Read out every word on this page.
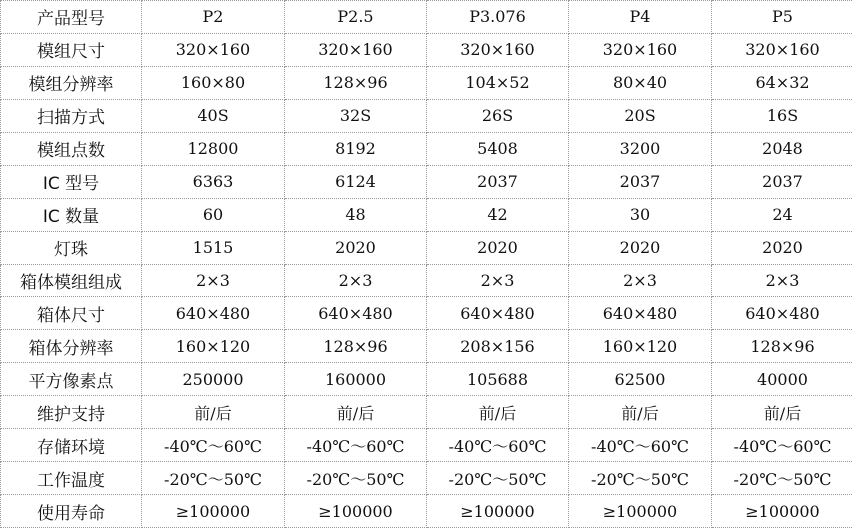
产品型号	P2	P2.5	P3.076	P4	P5
模组尺寸	320×160	320×160	320×160	320×160	320×160
模组分辨率	160×80	128×96	104×52	80×40	64×32
扫描方式	40S	32S	26S	20S	16S
模组点数	12800	8192	5408	3200	2048
IC 型号	6363	6124	2037	2037	2037
IC 数量	60	48	42	30	24
灯珠	1515	2020	2020	2020	2020
箱体模组组成	2×3	2×3	2×3	2×3	2×3
箱体尺寸	640×480	640×480	640×480	640×480	640×480
箱体分辨率	160×120	128×96	208×156	160×120	128×96
平方像素点	250000	160000	105688	62500	40000
维护支持	前/后	前/后	前/后	前/后	前/后
存储环境	-40℃～60℃	-40℃～60℃	-40℃～60℃	-40℃～60℃	-40℃～60℃
工作温度	-20℃～50℃	-20℃～50℃	-20℃～50℃	-20℃～50℃	-20℃～50℃
使用寿命	≥100000	≥100000	≥100000	≥100000	≥100000
